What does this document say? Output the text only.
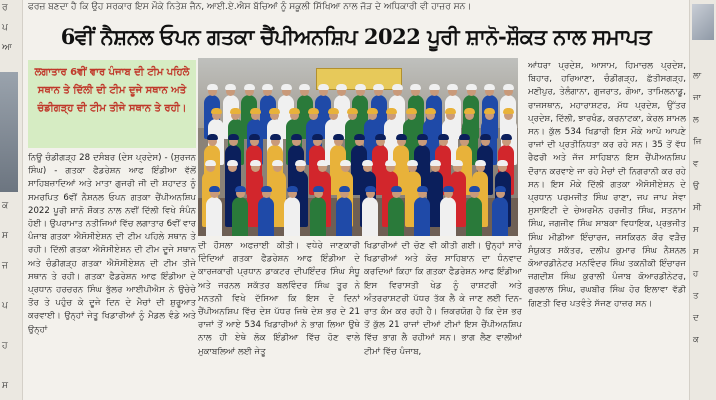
ਰ
ਪ
ਆ
ਕ
ਸ
ਜ
ਪ
ਹ
ਸ
ਲਾ
ਜਾ
ਲ
ਜਿ
ਵ
ਉ
ਸੀ
ਸ
ਸ
ਹ
ਤ
ਦ
ਕ
ਫਰਜ਼ ਬਣਦਾ ਹੈ ਕਿ ਉਹ ਸਰਕਾਰ ਇਸ ਮੌਕੇ ਨਿਤੇਸ਼ ਜੈਨ, ਆਈ.ਏ.ਐਸ ਬੱਚਿਆਂ ਨੂੰ ਸਕੂਲੀ ਸਿੱਖਿਆ ਨਾਲ ਜੋੜ ਦੇ ਅਧਿਕਾਰੀ ਵੀ ਹਾਜ਼ਰ ਸਨ।
6ਵੀਂ ਨੈਸ਼ਨਲ ਓਪਨ ਗਤਕਾ ਚੈਂਪੀਅਨਸ਼ਿਪ 2022 ਪੂਰੀ ਸ਼ਾਨੋ-ਸ਼ੌਕਤ ਨਾਲ ਸਮਾਪਤ
ਲਗਾਤਾਰ 6ਵੀਂ ਵਾਰ ਪੰਜਾਬ ਦੀ ਟੀਮ ਪਹਿਲੇ ਸਥਾਨ ਤੇ ਦਿੱਲੀ ਦੀ ਟੀਮ ਦੂਜੇ ਸਥਾਨ ਅਤੇ ਚੰਡੀਗੜ੍ਹ ਦੀ ਟੀਮ ਤੀਜੇ ਸਥਾਨ ਤੇ ਰਹੀ।
ਨਿਊ ਚੰਡੀਗੜ੍ਹ 28 ਦਸੰਬਰ (ਦੇਸ ਪ੍ਰਦੇਸ) - (ਸੁਰਜਨ ਸਿੰਘ) - ਗਤਕਾ ਫੈਡਰੇਸ਼ਨ ਆਫ ਇੰਡੀਆ ਵੱਲੋਂ ਸਾਹਿਬਜ਼ਾਦਿਆਂ ਅਤੇ ਮਾਤਾ ਗੁਜਰੀ ਜੀ ਦੀ ਸ਼ਹਾਦਤ ਨੂੰ ਸਮਰਪਿਤ 6ਵੀਂ ਨੈਸ਼ਨਲ ਓਪਨ ਗਤਕਾ ਚੈਂਪੀਅਨਸ਼ਿਪ 2022 ਪੂਰੀ ਸ਼ਾਨੋ ਸ਼ੌਕਤ ਨਾਲ ਨਵੀਂ ਦਿੱਲੀ ਵਿਖੇ ਸੰਪੰਨ ਹੋਈ। ਉਪਰਾਮਾਤ ਨਤੀਜਿਆਂ ਵਿੱਚ ਲਗਾਤਾਰ 6ਵੀਂ ਵਾਰ ਪੰਜਾਬ ਗਤਕਾ ਐਸੋਸੀਏਸ਼ਨ ਦੀ ਟੀਮ ਪਹਿਲੇ ਸਥਾਨ ਤੇ ਰਹੀ। ਦਿੱਲੀ ਗਤਕਾ ਐਸੋਸੀਏਸ਼ਨ ਦੀ ਟੀਮ ਦੂਜੇ ਸਥਾਨ ਅਤੇ ਚੰਡੀਗੜ੍ਹ ਗਤਕਾ ਐਸੋਸੀਏਸ਼ਨ ਦੀ ਟੀਮ ਤੀਜੇ ਸਥਾਨ ਤੇ ਰਹੀ। ਗਤਕਾ ਫੈਡਰੇਸ਼ਨ ਆਫ ਇੰਡੀਆ ਦੇ ਪ੍ਰਧਾਨ ਹਰਚਰਨ ਸਿੰਘ ਭੁੱਲਰ ਆਈਪੀਐਸ ਨੇ ਉਚੇਚੇ ਤੌਰ ਤੇ ਪਹੁੰਚ ਕੇ ਦੂਜੇ ਦਿਨ ਦੇ ਮੈਚਾਂ ਦੀ ਸ਼ੁਰੂਆਤ ਕਰਵਾਈ। ਉਨ੍ਹਾਂ ਜੇਤੂ ਖਿਡਾਰੀਆਂ ਨੂੰ ਮੈਡਲ ਵੰਡੇ ਅਤੇ ਉਨ੍ਹਾਂ
ਦੀ ਹੌਸਲਾ ਅਫਜ਼ਾਈ ਕੀਤੀ। ਵਧੇਰੇ ਜਾਣਕਾਰੀ ਦਿੰਦਿਆਂ ਗਤਕਾ ਫੈਡਰੇਸ਼ਨ ਆਫ ਇੰਡੀਆ ਦੇ ਕਾਰਜਕਾਰੀ ਪ੍ਰਧਾਨ ਡਾਕਟਰ ਦੀਪਇੰਦਰ ਸਿੰਘ ਸੰਧੂ ਅਤੇ ਜਰਨਲ ਸਕੱਤਰ ਬਲਵਿੰਦਰ ਸਿੰਘ ਤੂਰ ਨੇ ਮਨਤਨੀ ਵਿਖੇ ਦੱਸਿਆ ਕਿ ਇਸ ਦੋ ਦਿਨਾਂ ਚੈਂਪੀਅਨਸ਼ਿਪ ਵਿੱਚ ਦੇਸ਼ ਪੱਧਰ ਜਿਥੇ ਦੇਸ਼ ਭਰ ਦੇ 21 ਰਾਜਾਂ ਤੋਂ ਆਏ 534 ਖਿਡਾਰੀਆਂ ਨੇ ਭਾਗ ਲਿਆ ਉਥੇ ਨਾਲ ਹੀ ਏਥੇ ਲੋਕ ਇੰਡੀਆ ਵਿੱਚ ਹੋਣ ਵਾਲੇ ਮੁਕਾਬਲਿਆਂ ਲਈ ਜੇਤੂ
ਖਿਡਾਰੀਆਂ ਦੀ ਚੋਣ ਵੀ ਕੀਤੀ ਗਈ। ਉਨ੍ਹਾਂ ਸਾਰੇ ਖਿਡਾਰੀਆਂ ਅਤੇ ਕੋਚ ਸਾਹਿਬਾਨ ਦਾ ਧੰਨਵਾਦ ਕਰਦਿਆਂ ਕਿਹਾ ਕਿ ਗਤਕਾ ਫੈਡਰੇਸ਼ਨ ਆਫ ਇੰਡੀਆ ਇਸ ਵਿਰਾਸਤੀ ਖੇਡ ਨੂੰ ਰਾਸ਼ਟਰੀ ਅਤੇ ਅੰਤਰਰਾਸ਼ਟਰੀ ਪੱਧਰ ਤੱਕ ਲੈ ਕੇ ਜਾਣ ਲਈ ਦਿਨ-ਰਾਤ ਕੰਮ ਕਰ ਰਹੀ ਹੈ। ਜ਼ਿਕਰਯੋਗ ਹੈ ਕਿ ਦੇਸ਼ ਭਰ ਤੋਂ ਕੁੱਲ 21 ਰਾਜਾਂ ਦੀਆਂ ਟੀਮਾਂ ਇਸ ਚੈਂਪੀਅਨਸ਼ਿਪ ਵਿੱਚ ਭਾਗ ਲੈ ਰਹੀਆਂ ਸਨ। ਭਾਗ ਲੈਣ ਵਾਲੀਆਂ ਟੀਮਾਂ ਵਿੱਚ ਪੰਜਾਬ,
ਆਂਧਰਾ ਪ੍ਰਦੇਸ਼, ਆਸਾਮ, ਹਿਮਾਚਲ ਪ੍ਰਦੇਸ਼, ਬਿਹਾਰ, ਹਰਿਆਣਾ, ਚੰਡੀਗੜ੍ਹ, ਛੱਤੀਸਗੜ੍ਹ, ਮਣੀਪੁਰ, ਤੇਲੰਗਾਨਾ, ਗੁਜਰਾਤ, ਗੋਆ, ਤਾਮਿਲਨਾਡੂ, ਰਾਜਸਥਾਨ, ਮਹਾਰਾਸ਼ਟਰ, ਮੱਧ ਪ੍ਰਦੇਸ਼, ਉੱਤਰ ਪ੍ਰਦੇਸ਼, ਦਿੱਲੀ, ਝਾਰਖੰਡ, ਕਰਨਾਟਕਾ, ਕੇਰਲ ਸ਼ਾਮਲ ਸਨ। ਕੁੱਲ 534 ਖਿਡਾਰੀ ਇਸ ਮੌਕੇ ਆਪੋ ਆਪਣੇ ਰਾਜਾਂ ਦੀ ਪ੍ਰਤੀਨਿਧਤਾ ਕਰ ਰਹੇ ਸਨ। 35 ਤੋਂ ਵੱਧ ਰੈਫਰੀ ਅਤੇ ਜੱਜ ਸਾਹਿਬਾਨ ਇਸ ਚੈਂਪੀਅਨਸ਼ਿਪ ਦੌਰਾਨ ਕਰਵਾਏ ਜਾ ਰਹੇ ਮੈਚਾਂ ਦੀ ਨਿਗਰਾਨੀ ਕਰ ਰਹੇ ਸਨ। ਇਸ ਮੌਕੇ ਦਿੱਲੀ ਗਤਕਾ ਐਸੋਸੀਏਸ਼ਨ ਦੇ ਪ੍ਰਧਾਨ ਪਰਮਜੀਤ ਸਿੰਘ ਰਾਣਾ, ਜਪ ਜਾਪ ਸੇਵਾ ਸੁਸਾਇਟੀ ਦੇ ਚੇਅਰਮੈਨ ਹਰਜੀਤ ਸਿੰਘ, ਸਤਨਾਮ ਸਿੰਘ, ਜਗਜੀਵ ਸਿੰਘ ਸਾਬਕਾ ਵਿਧਾਇਕ, ਪ੍ਰਭਜੀਤ ਸਿੰਘ ਮੀਡੀਆ ਇੰਚਾਰਜ, ਜਸਕਿਰਨ ਕੌਰ ਵੜੈਚ ਸੰਯੁਕਤ ਸਕੱਤਰ, ਦਲੀਪ ਕੁਮਾਰ ਸਿੰਘ ਨੈਸ਼ਨਲ ਕੋਆਰਡੀਨੇਟਰ ਮਨਵਿੰਦਰ ਸਿੰਘ ਤਕਨੀਕੀ ਇੰਚਾਰਜ ਜਗਦੀਸ਼ ਸਿੰਘ ਕੁਰਾਲੀ ਪੰਜਾਬ ਕੋਆਰਡੀਨੇਟਰ, ਗੁਰਲਾਲ ਸਿੰਘ, ਰਘਬੀਰ ਸਿੰਘ ਹੋਰ ਇਲਾਵਾ ਵੱਡੀ ਗਿਣਤੀ ਵਿਚ ਪਤਵੰਤੇ ਸੱਜਣ ਹਾਜ਼ਰ ਸਨ।
